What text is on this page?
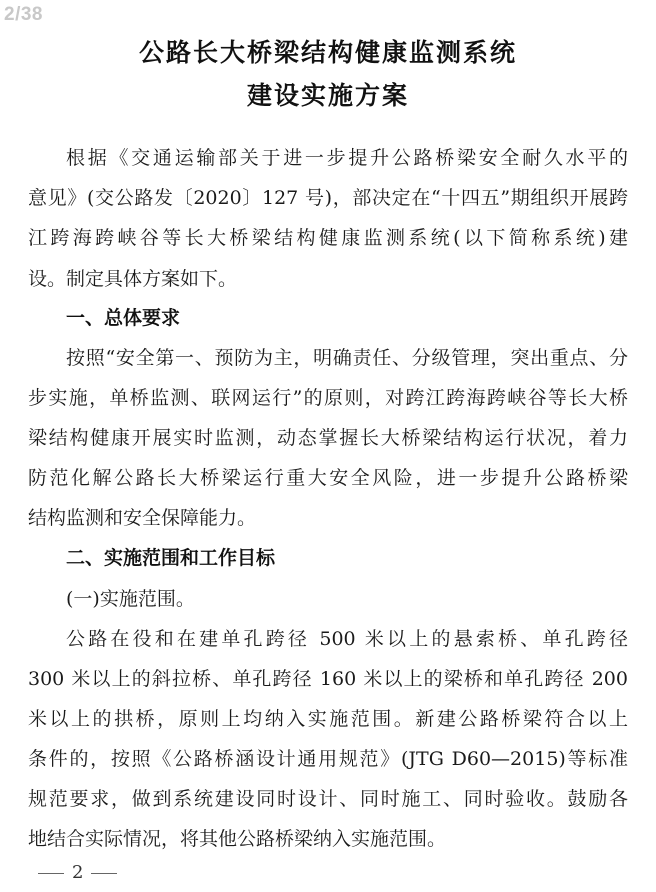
2/38
公路长大桥梁结构健康监测系统
建设实施方案
根据《交通运输部关于进一步提升公路桥梁安全耐久水平的
意见》(交公路发〔2020〕127 号)，部决定在“十四五”期组织开展跨
江跨海跨峡谷等长大桥梁结构健康监测系统(以下简称系统)建
设。制定具体方案如下。
一、总体要求
按照“安全第一、预防为主，明确责任、分级管理，突出重点、分
步实施，单桥监测、联网运行”的原则，对跨江跨海跨峡谷等长大桥
梁结构健康开展实时监测，动态掌握长大桥梁结构运行状况，着力
防范化解公路长大桥梁运行重大安全风险，进一步提升公路桥梁
结构监测和安全保障能力。
二、实施范围和工作目标
(一)实施范围。
公路在役和在建单孔跨径 500 米以上的悬索桥、单孔跨径
300 米以上的斜拉桥、单孔跨径 160 米以上的梁桥和单孔跨径 200
米以上的拱桥，原则上均纳入实施范围。新建公路桥梁符合以上
条件的，按照《公路桥涵设计通用规范》(JTG D60—2015)等标准
规范要求，做到系统建设同时设计、同时施工、同时验收。鼓励各
地结合实际情况，将其他公路桥梁纳入实施范围。
2
